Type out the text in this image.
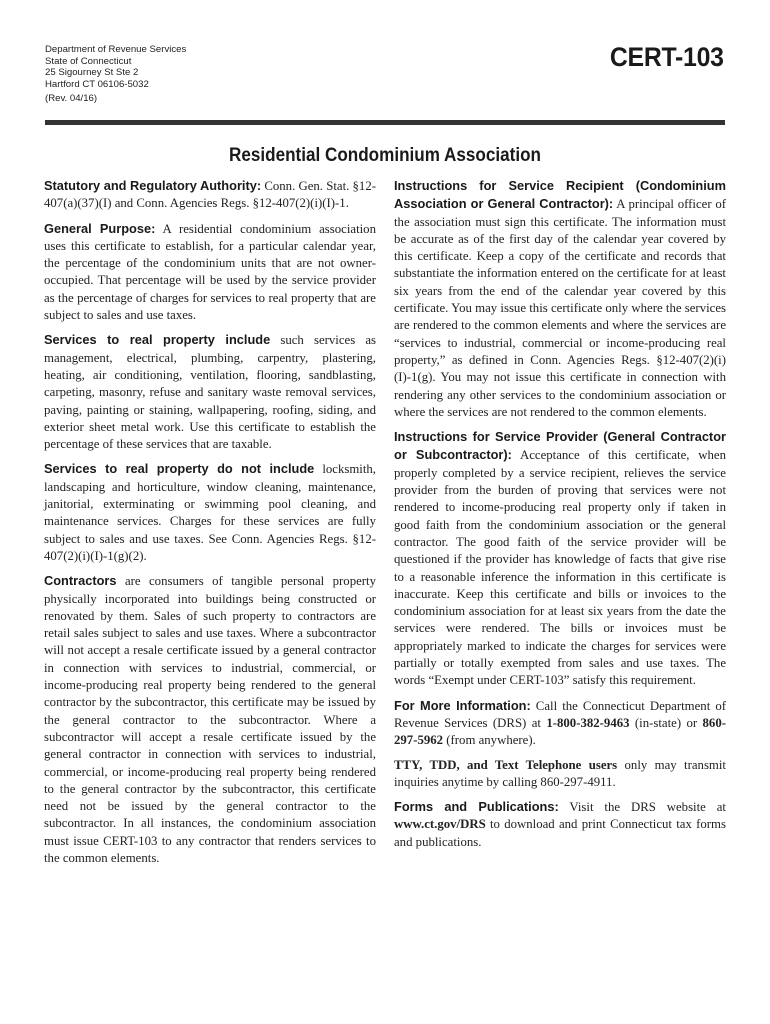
Department of Revenue Services
State of Connecticut
25 Sigourney St Ste 2
Hartford CT 06106-5032
(Rev. 04/16)
CERT-103
Residential Condominium Association

Statutory and Regulatory Authority: Conn. Gen. Stat. §12-407(a)(37)(I) and Conn. Agencies Regs. §12-407(2)(i)(I)-1.

General Purpose: A residential condominium association uses this certificate to establish, for a particular calendar year, the percentage of the condominium units that are not owner-occupied. That percentage will be used by the service provider as the percentage of charges for services to real property that are subject to sales and use taxes.

Services to real property include such services as management, electrical, plumbing, carpentry, plastering, heating, air conditioning, ventilation, flooring, sandblasting, carpeting, masonry, refuse and sanitary waste removal services, paving, painting or staining, wallpapering, roofing, siding, and exterior sheet metal work. Use this certificate to establish the percentage of these services that are taxable.

Services to real property do not include locksmith, landscaping and horticulture, window cleaning, maintenance, janitorial, exterminating or swimming pool cleaning, and maintenance services. Charges for these services are fully subject to sales and use taxes. See Conn. Agencies Regs. §12-407(2)(i)(I)-1(g)(2).

Contractors are consumers of tangible personal property physically incorporated into buildings being constructed or renovated by them. Sales of such property to contractors are retail sales subject to sales and use taxes. Where a subcontractor will not accept a resale certificate issued by a general contractor in connection with services to industrial, commercial, or income-producing real property being rendered to the general contractor by the subcontractor, this certificate may be issued by the general contractor to the subcontractor. Where a subcontractor will accept a resale certificate issued by the general contractor in connection with services to industrial, commercial, or income-producing real property being rendered to the general contractor by the subcontractor, this certificate need not be issued by the general contractor to the subcontractor. In all instances, the condominium association must issue CERT-103 to any contractor that renders services to the common elements.

Instructions for Service Recipient (Condominium Association or General Contractor): A principal officer of the association must sign this certificate. The information must be accurate as of the first day of the calendar year covered by this certificate. Keep a copy of the certificate and records that substantiate the information entered on the certificate for at least six years from the end of the calendar year covered by this certificate. You may issue this certificate only where the services are rendered to the common elements and where the services are “services to industrial, commercial or income-producing real property,” as defined in Conn. Agencies Regs. §12-407(2)(i)(I)-1(g). You may not issue this certificate in connection with rendering any other services to the condominium association or where the services are not rendered to the common elements.

Instructions for Service Provider (General Contractor or Subcontractor): Acceptance of this certificate, when properly completed by a service recipient, relieves the service provider from the burden of proving that services were not rendered to income-producing real property only if taken in good faith from the condominium association or the general contractor. The good faith of the service provider will be questioned if the provider has knowledge of facts that give rise to a reasonable inference the information in this certificate is inaccurate. Keep this certificate and bills or invoices to the condominium association for at least six years from the date the services were rendered. The bills or invoices must be appropriately marked to indicate the charges for services were partially or totally exempted from sales and use taxes. The words “Exempt under CERT-103” satisfy this requirement.

For More Information: Call the Connecticut Department of Revenue Services (DRS) at 1-800-382-9463 (in-state) or 860-297-5962 (from anywhere).

TTY, TDD, and Text Telephone users only may transmit inquiries anytime by calling 860-297-4911.

Forms and Publications: Visit the DRS website at www.ct.gov/DRS to download and print Connecticut tax forms and publications.
